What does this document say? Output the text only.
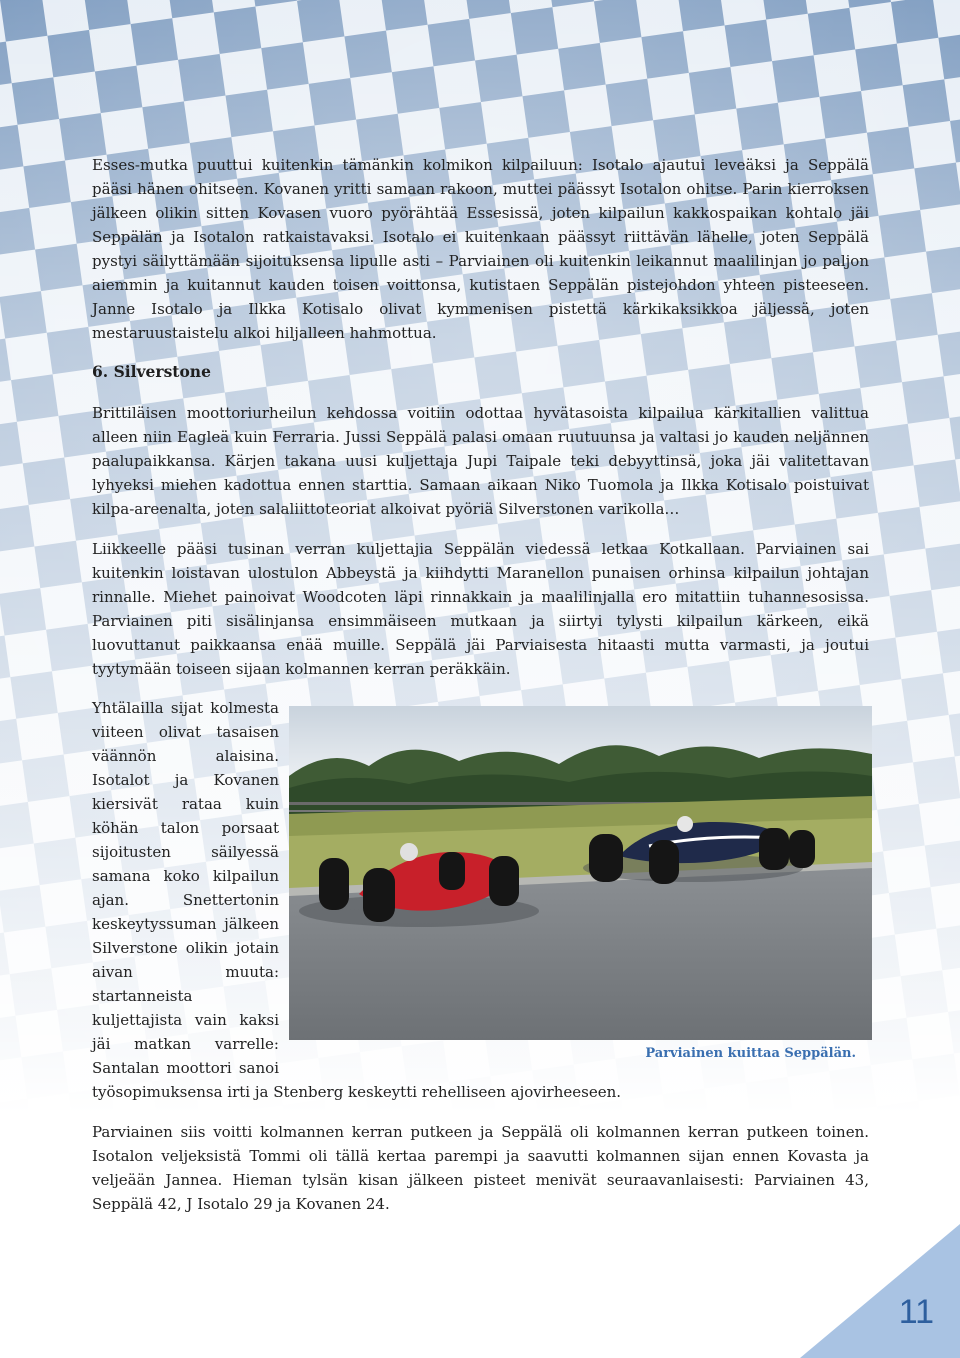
Esses-mutka puuttui kuitenkin tämänkin kolmikon kilpailuun: Isotalo ajautui leveäksi ja Seppälä pääsi hänen ohitseen. Kovanen yritti samaan rakoon, muttei päässyt Isotalon ohitse. Parin kierroksen jälkeen olikin sitten Kovasen vuoro pyörähtää Essesissä, joten kilpailun kakkospaikan kohtalo jäi Seppälän ja Isotalon ratkaistavaksi. Isotalo ei kuitenkaan päässyt riittävän lähelle, joten Seppälä pystyi säilyttämään sijoituksensa lipulle asti – Parviainen oli kuitenkin leikannut maalilinjan jo paljon aiemmin ja kuitannut kauden toisen voittonsa, kutistaen Seppälän pistejohdon yhteen pisteeseen. Janne Isotalo ja Ilkka Kotisalo olivat kymmenisen pistettä kärkikaksikkoa jäljessä, joten mestaruustaistelu alkoi hiljalleen hahmottua.

6. Silverstone

Brittiläisen moottoriurheilun kehdossa voitiin odottaa hyvätasoista kilpailua kärkitallien valittua alleen niin Eagleä kuin Ferraria. Jussi Seppälä palasi omaan ruutuunsa ja valtasi jo kauden neljännen paalupaikkansa. Kärjen takana uusi kuljettaja Jupi Taipale teki debyyttinsä, joka jäi valitettavan lyhyeksi miehen kadottua ennen starttia. Samaan aikaan Niko Tuomola ja Ilkka Kotisalo poistuivat kilpa-areenalta, joten salaliittoteoriat alkoivat pyöriä Silverstonen varikolla…

Liikkeelle pääsi tusinan verran kuljettajia Seppälän viedessä letkaa Kotkallaan. Parviainen sai kuitenkin loistavan ulostulon Abbeystä ja kiihdytti Maranellon punaisen orhinsa kilpailun johtajan rinnalle. Miehet painoivat Woodcoten läpi rinnakkain ja maalilinjalla ero mitattiin tuhannesosissa. Parviainen piti sisälinjansa ensimmäiseen mutkaan ja siirtyi tylysti kilpailun kärkeen, eikä luovuttanut paikkaansa enää muille. Seppälä jäi Parviaisesta hitaasti mutta varmasti, ja joutui tyytymään toiseen sijaan kolmannen kerran peräkkäin.

Yhtälailla sijat kolmesta viiteen olivat tasaisen väännön alaisina. Isotalot ja Kovanen kiersivät rataa kuin köhän talon porsaat sijoitusten säilyessä samana koko kilpailun ajan. Snettertonin keskeytyssuman jälkeen Silverstone olikin jotain aivan muuta: startanneista kuljettajista vain kaksi jäi matkan varrelle: Santalan moottori sanoi työsopimuksensa irti ja Stenberg keskeytti rehelliseen ajovirheeseen.

Parviainen kuittaa Seppälän.

Parviainen siis voitti kolmannen kerran putkeen ja Seppälä oli kolmannen kerran putkeen toinen. Isotalon veljeksistä Tommi oli tällä kertaa parempi ja saavutti kolmannen sijan ennen Kovasta ja veljeään Jannea. Hieman tylsän kisan jälkeen pisteet menivät seuraavanlaisesti: Parviainen 43, Seppälä 42, J Isotalo 29 ja Kovanen 24.

11
